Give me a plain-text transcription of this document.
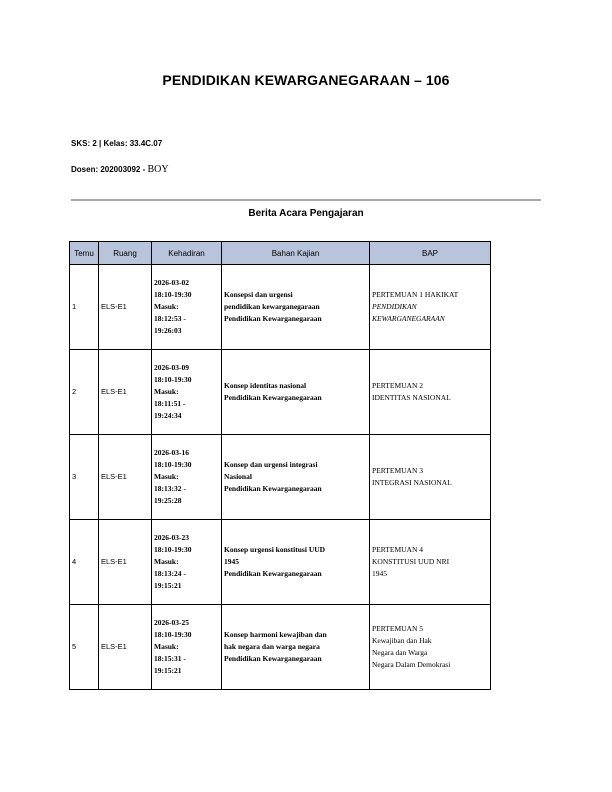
PENDIDIKAN KEWARGANEGARAAN – 106
SKS: 2 | Kelas: 33.4C.07
Dosen: 202003092 - BOY
Berita Acara Pengajaran
Temu	Ruang	Kehadiran	Bahan Kajian	BAP
1	ELS-E1	2026-03-02
18:10-19:30
Masuk:
18:12:53 -
19:26:03	Konsepsi dan urgensi
pendidikan kewarganegaraan
Pendidikan Kewarganegaraan	PERTEMUAN 1 HAKIKAT
PENDIDIKAN
KEWARGANEGARAAN

2	ELS-E1	2026-03-09
18:10-19:30
Masuk:
18:11:51 -
19:24:34	Konsep identitas nasional
Pendidikan Kewarganegaraan	PERTEMUAN 2
IDENTITAS NASIONAL

3	ELS-E1	2026-03-16
18:10-19:30
Masuk:
18:13:32 -
19:25:28	Konsep dan urgensi integrasi
Nasional
Pendidikan Kewarganegaraan	PERTEMUAN 3
INTEGRASI NASIONAL

4	ELS-E1	2026-03-23
18:10-19:30
Masuk:
18:13:24 -
19:15:21	Konsep urgensi konstitusi UUD
1945
Pendidikan Kewarganegaraan	PERTEMUAN 4
KONSTITUSI UUD NRI
1945

5	ELS-E1	2026-03-25
18:10-19:30
Masuk:
18:15:31 -
19:15:21	Konsep harmoni kewajiban dan
hak negara dan warga negara
Pendidikan Kewarganegaraan	PERTEMUAN 5
Kewajiban dan Hak
Negara dan Warga
Negara Dalam Demokrasi
